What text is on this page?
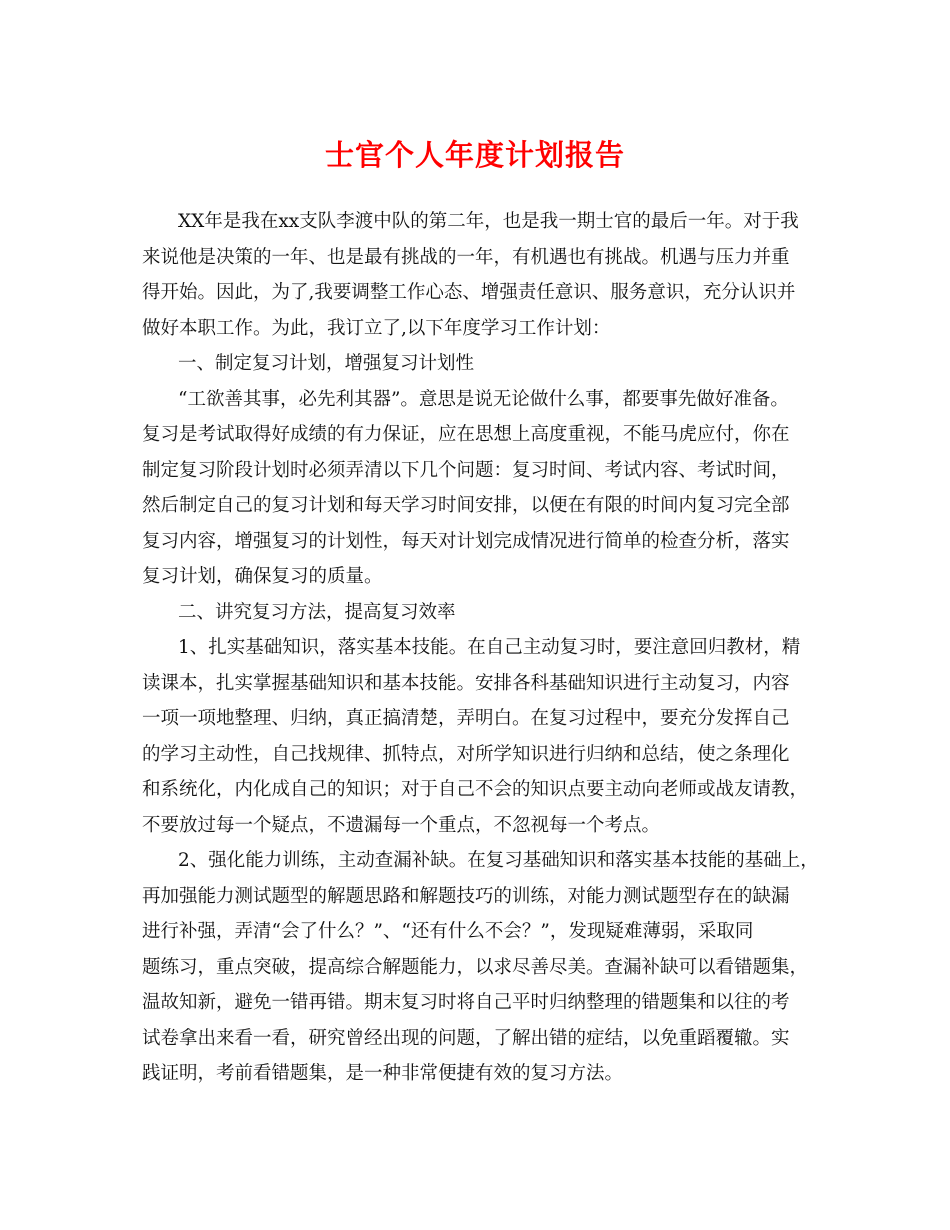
士官个人年度计划报告
XX年是我在xx支队李渡中队的第二年，也是我一期士官的最后一年。对于我
来说他是决策的一年、也是最有挑战的一年，有机遇也有挑战。机遇与压力并重
得开始。因此，为了,我要调整工作心态、增强责任意识、服务意识，充分认识并
做好本职工作。为此，我订立了,以下年度学习工作计划：
一、制定复习计划，增强复习计划性
“工欲善其事，必先利其器”。意思是说无论做什么事，都要事先做好准备。
复习是考试取得好成绩的有力保证，应在思想上高度重视，不能马虎应付，你在
制定复习阶段计划时必须弄清以下几个问题：复习时间、考试内容、考试时间，
然后制定自己的复习计划和每天学习时间安排，以便在有限的时间内复习完全部
复习内容，增强复习的计划性，每天对计划完成情况进行简单的检查分析，落实
复习计划，确保复习的质量。
二、讲究复习方法，提高复习效率
1、扎实基础知识，落实基本技能。在自己主动复习时，要注意回归教材，精
读课本，扎实掌握基础知识和基本技能。安排各科基础知识进行主动复习，内容
一项一项地整理、归纳，真正搞清楚，弄明白。在复习过程中，要充分发挥自己
的学习主动性，自己找规律、抓特点，对所学知识进行归纳和总结，使之条理化
和系统化，内化成自己的知识；对于自己不会的知识点要主动向老师或战友请教，
不要放过每一个疑点，不遗漏每一个重点，不忽视每一个考点。
2、强化能力训练，主动查漏补缺。在复习基础知识和落实基本技能的基础上，
再加强能力测试题型的解题思路和解题技巧的训练，对能力测试题型存在的缺漏
进行补强，弄清“会了什么？”、“还有什么不会？”，发现疑难薄弱，采取同
题练习，重点突破，提高综合解题能力，以求尽善尽美。查漏补缺可以看错题集，
温故知新，避免一错再错。期末复习时将自己平时归纳整理的错题集和以往的考
试卷拿出来看一看，研究曾经出现的问题，了解出错的症结，以免重蹈覆辙。实
践证明，考前看错题集，是一种非常便捷有效的复习方法。
